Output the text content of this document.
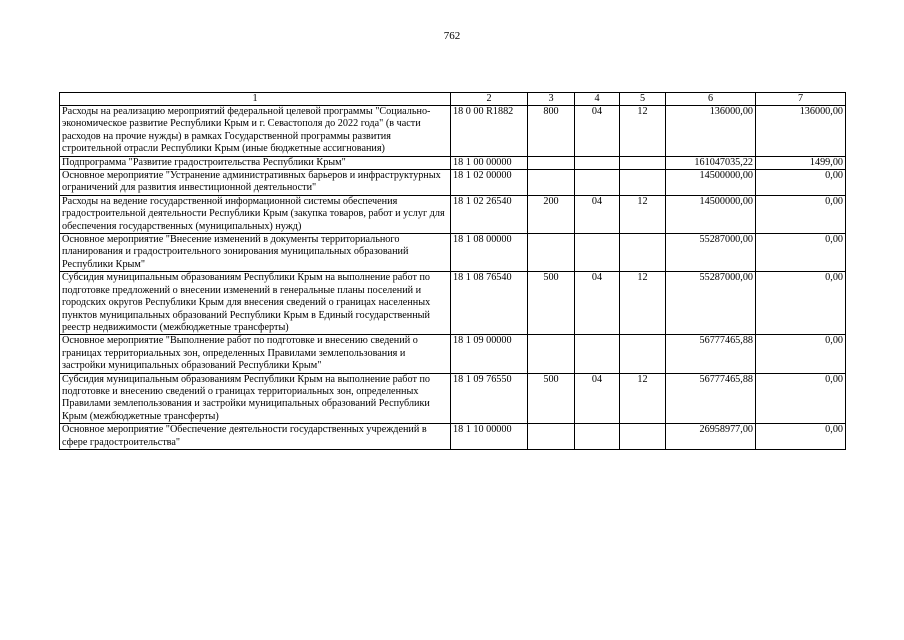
762
1	2	3	4	5	6	7
Расходы на реализацию мероприятий федеральной целевой программы "Социально-экономическое развитие Республики Крым и г. Севастополя до 2022 года" (в части расходов на прочие нужды) в рамках Государственной программы развития строительной отрасли Республики Крым (иные бюджетные ассигнования)	18 0 00 R1882	800	04	12	136000,00	136000,00
Подпрограмма "Развитие градостроительства Республики Крым"	18 1 00 00000				161047035,22	1499,00
Основное мероприятие "Устранение административных барьеров и инфраструктурных ограничений для развития инвестиционной деятельности"	18 1 02 00000				14500000,00	0,00
Расходы на ведение государственной информационной системы обеспечения градостроительной деятельности Республики Крым (закупка товаров, работ и услуг для обеспечения государственных (муниципальных) нужд)	18 1 02 26540	200	04	12	14500000,00	0,00
Основное мероприятие "Внесение изменений в документы территориального планирования и градостроительного зонирования муниципальных образований Республики Крым"	18 1 08 00000				55287000,00	0,00
Субсидия муниципальным образованиям Республики Крым на выполнение работ по подготовке предложений о внесении изменений в генеральные планы поселений и городских округов Республики Крым для внесения сведений о границах населенных пунктов муниципальных образований Республики Крым в Единый государственный реестр недвижимости (межбюджетные трансферты)	18 1 08 76540	500	04	12	55287000,00	0,00
Основное мероприятие "Выполнение работ по подготовке и внесению сведений о границах территориальных зон, определенных Правилами землепользования и застройки муниципальных образований Республики Крым"	18 1 09 00000				56777465,88	0,00
Субсидия муниципальным образованиям Республики Крым на выполнение работ по подготовке и внесению сведений о границах территориальных зон, определенных Правилами землепользования и застройки муниципальных образований Республики Крым (межбюджетные трансферты)	18 1 09 76550	500	04	12	56777465,88	0,00
Основное мероприятие "Обеспечение деятельности государственных учреждений в сфере градостроительства"	18 1 10 00000				26958977,00	0,00
